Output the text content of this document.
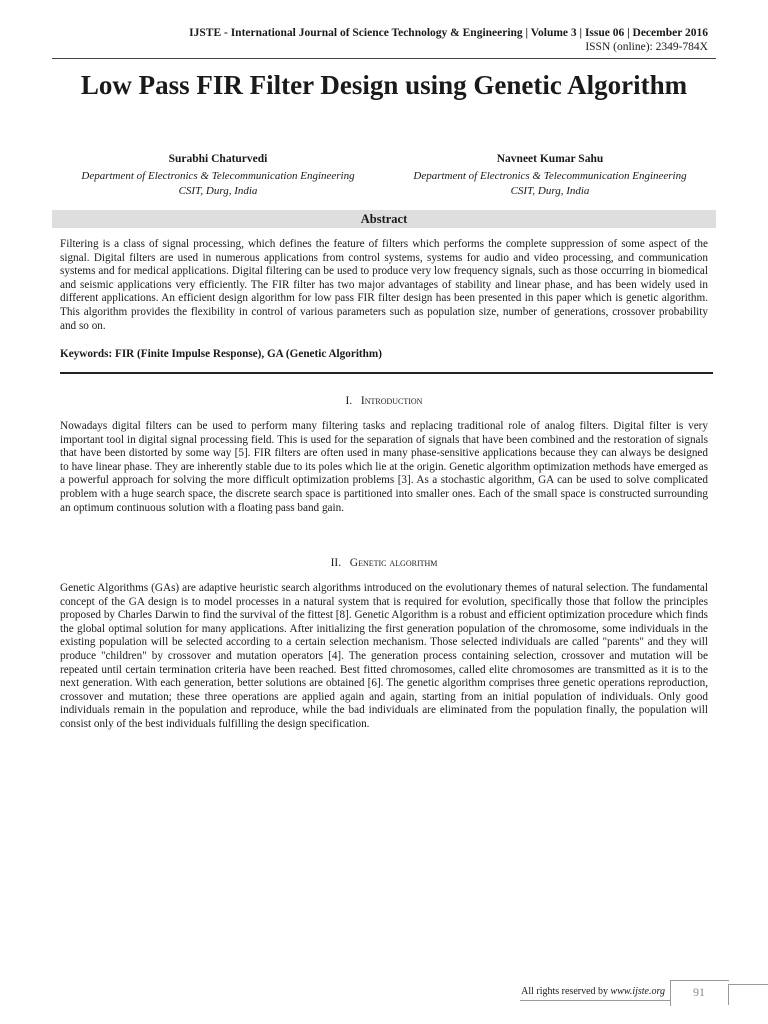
IJSTE - International Journal of Science Technology & Engineering | Volume 3 | Issue 06 | December 2016
ISSN (online): 2349-784X
Low Pass FIR Filter Design using Genetic Algorithm
Surabhi Chaturvedi
Department of Electronics & Telecommunication Engineering
CSIT, Durg, India
Navneet Kumar Sahu
Department of Electronics & Telecommunication Engineering
CSIT, Durg, India
Abstract
Filtering is a class of signal processing, which defines the feature of filters which performs the complete suppression of some aspect of the signal. Digital filters are used in numerous applications from control systems, systems for audio and video processing, and communication systems and for medical applications. Digital filtering can be used to produce very low frequency signals, such as those occurring in biomedical and seismic applications very efficiently. The FIR filter has two major advantages of stability and linear phase, and has been widely used in different applications. An efficient design algorithm for low pass FIR filter design has been presented in this paper which is genetic algorithm. This algorithm provides the flexibility in control of various parameters such as population size, number of generations, crossover probability and so on.
Keywords: FIR (Finite Impulse Response), GA (Genetic Algorithm)
I. Introduction
Nowadays digital filters can be used to perform many filtering tasks and replacing traditional role of analog filters. Digital filter is very important tool in digital signal processing field. This is used for the separation of signals that have been combined and the restoration of signals that have been distorted by some way [5]. FIR filters are often used in many phase-sensitive applications because they can always be designed to have linear phase. They are inherently stable due to its poles which lie at the origin. Genetic algorithm optimization methods have emerged as a powerful approach for solving the more difficult optimization problems [3]. As a stochastic algorithm, GA can be used to solve complicated problem with a huge search space, the discrete search space is partitioned into smaller ones. Each of the small space is constructed surrounding an optimum continuous solution with a floating pass band gain.
II. Genetic algorithm
Genetic Algorithms (GAs) are adaptive heuristic search algorithms introduced on the evolutionary themes of natural selection. The fundamental concept of the GA design is to model processes in a natural system that is required for evolution, specifically those that follow the principles proposed by Charles Darwin to find the survival of the fittest [8]. Genetic Algorithm is a robust and efficient optimization procedure which finds the global optimal solution for many applications. After initializing the first generation population of the chromosome, some individuals in the existing population will be selected according to a certain selection mechanism. Those selected individuals are called "parents" and they will produce "children" by crossover and mutation operators [4]. The generation process containing selection, crossover and mutation will be repeated until certain termination criteria have been reached. Best fitted chromosomes, called elite chromosomes are transmitted as it is to the next generation. With each generation, better solutions are obtained [6]. The genetic algorithm comprises three genetic operations reproduction, crossover and mutation; these three operations are applied again and again, starting from an initial population of individuals. Only good individuals remain in the population and reproduce, while the bad individuals are eliminated from the population finally, the population will consist only of the best individuals fulfilling the design specification.
All rights reserved by www.ijste.org	91
